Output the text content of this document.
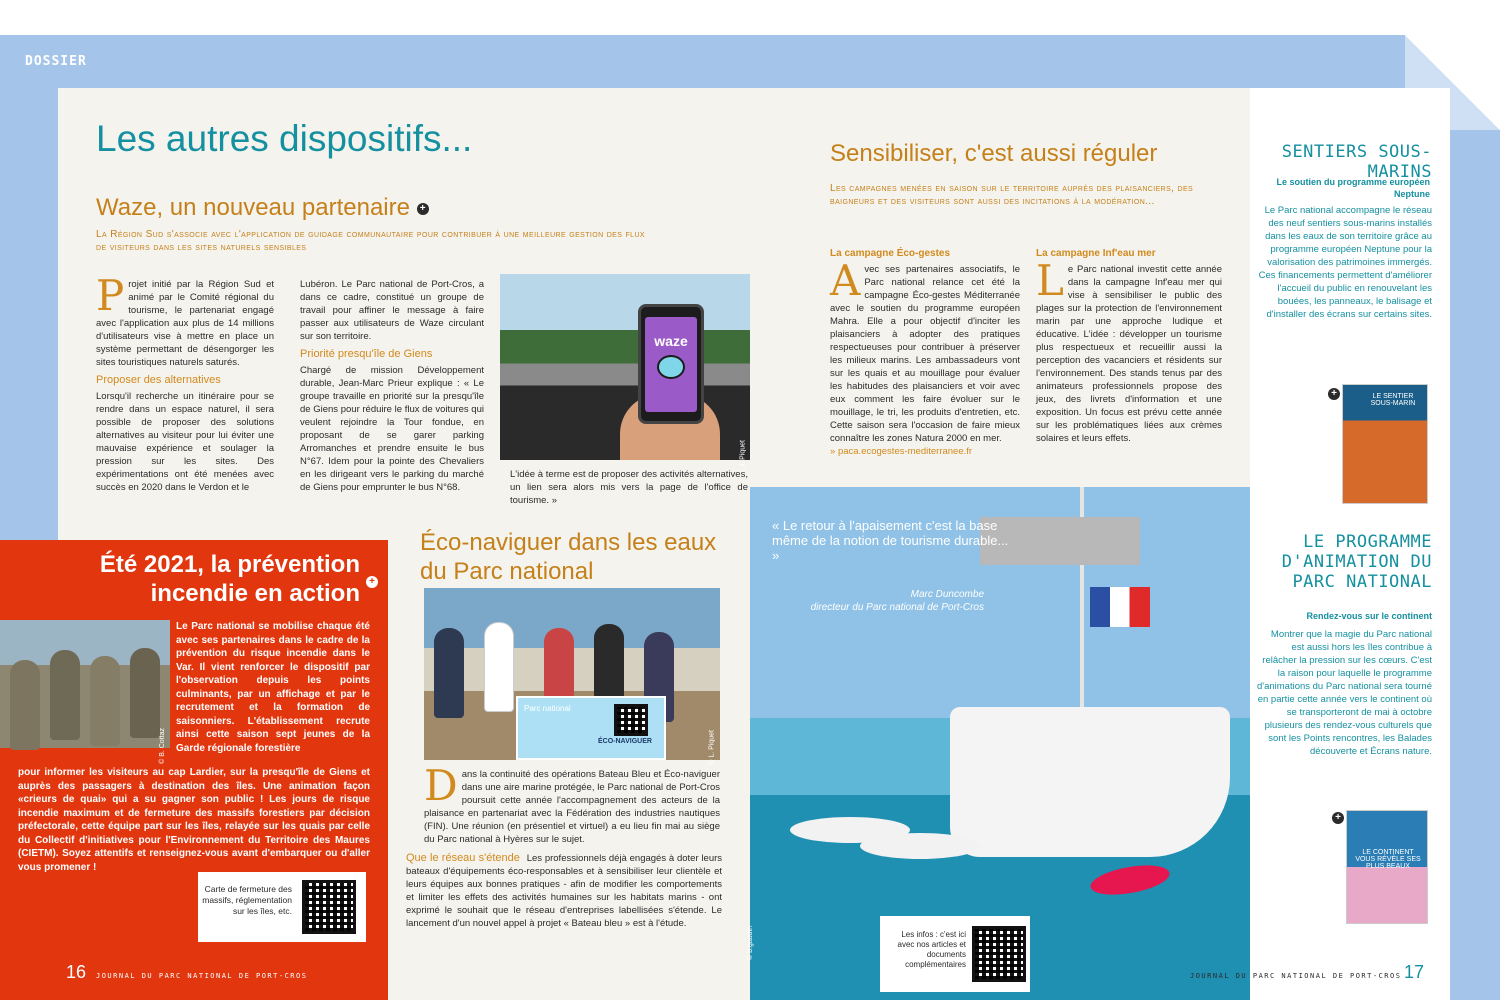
DOSSIER
Les autres dispositifs...
Waze, un nouveau partenaire +
La Région Sud s'associe avec l'application de guidage communautaire pour contribuer à une meilleure gestion des flux de visiteurs dans les sites naturels sensibles
P rojet initié par la Région Sud et animé par le Comité régional du tourisme, le partenariat engagé avec l'application aux plus de 14 millions d'utilisateurs vise à mettre en place un système permettant de désengorger les sites touristiques naturels saturés.
Proposer des alternatives
Lorsqu'il recherche un itinéraire pour se rendre dans un espace naturel, il sera possible de proposer des solutions alternatives au visiteur pour lui éviter une mauvaise expérience et soulager la pression sur les sites. Des expérimentations ont été menées avec succès en 2020 dans le Verdon et le
Lubéron. Le Parc national de Port-Cros, a dans ce cadre, constitué un groupe de travail pour affiner le message à faire passer aux utilisateurs de Waze circulant sur son territoire.
Priorité presqu'île de Giens
Chargé de mission Développement durable, Jean-Marc Prieur explique : « Le groupe travaille en priorité sur la presqu'île de Giens pour réduire le flux de voitures qui veulent rejoindre la Tour fondue, en proposant de se garer parking Arromanches et prendre ensuite le bus N°67. Idem pour la pointe des Chevaliers en les dirigeant vers le parking du marché de Giens pour emprunter le bus N°68.
waze
© J. Piquet
L'idée à terme est de proposer des activités alternatives, un lien sera alors mis vers la page de l'office de tourisme. »
Éco-naviguer dans les eaux du Parc national
Parc national
ÉCO-NAVIGUER	© L. Piquet
D ans la continuité des opérations Bateau Bleu et Éco-naviguer dans une aire marine protégée, le Parc national de Port-Cros poursuit cette année l'accompagnement des acteurs de la plaisance en partenariat avec la Fédération des industries nautiques (FIN). Une réunion (en présentiel et virtuel) a eu lieu fin mai au siège du Parc national à Hyères sur le sujet.
Que le réseau s'étende Les professionnels déjà engagés à doter leurs bateaux d'équipements éco-responsables et à sensibiliser leur clientèle et leurs équipes aux bonnes pratiques - afin de modifier les comportements et limiter les effets des activités humaines sur les habitats marins - ont exprimé le souhait que le réseau d'entreprises labellisées s'étende. Le lancement d'un nouvel appel à projet « Bateau bleu » est à l'étude.
Été 2021, la prévention incendie en action +
© B. Cottaz
Le Parc national se mobilise chaque été avec ses partenaires dans le cadre de la prévention du risque incendie dans le Var. Il vient renforcer le dispositif par l'observation depuis les points culminants, par un affichage et par le recrutement et la formation de saisonniers. L'établissement recrute ainsi cette saison sept jeunes de la Garde régionale forestière
pour informer les visiteurs au cap Lardier, sur la presqu'île de Giens et auprès des passagers à destination des îles. Une animation façon «crieurs de quai» qui a su gagner son public ! Les jours de risque incendie maximum et de fermeture des massifs forestiers par décision préfectorale, cette équipe part sur les îles, relayée sur les quais par celle du Collectif d'initiatives pour l'Environnement du Territoire des Maures (CIETM). Soyez attentifs et renseignez-vous avant d'embarquer ou d'aller vous promener !
Carte de fermeture des massifs, réglementation sur les îles, etc.
16 JOURNAL DU PARC NATIONAL DE PORT-CROS
Sensibiliser, c'est aussi réguler
Les campagnes menées en saison sur le territoire auprès des plaisanciers, des baigneurs et des visiteurs sont aussi des incitations à la modération...
La campagne Éco-gestes
A vec ses partenaires associatifs, le Parc national relance cet été la campagne Éco-gestes Méditerranée avec le soutien du programme européen Mahra. Elle a pour objectif d'inciter les plaisanciers à adopter des pratiques respectueuses pour contribuer à préserver les milieux marins. Les ambassadeurs vont sur les quais et au mouillage pour évaluer les habitudes des plaisanciers et voir avec eux comment les faire évoluer sur le mouillage, le tri, les produits d'entretien, etc. Cette saison sera l'occasion de faire mieux connaître les zones Natura 2000 en mer.
» paca.ecogestes-mediterranee.fr
La campagne Inf'eau mer
L e Parc national investit cette année dans la campagne Inf'eau mer qui vise à sensibiliser le public des plages sur la protection de l'environnement marin par une approche ludique et éducative. L'idée : développer un tourisme plus respectueux et recueillir aussi la perception des vacanciers et résidents sur l'environnement. Des stands tenus par des animateurs professionnels propose des jeux, des livrets d'information et une exposition. Un focus est prévu cette année sur les problématiques liées aux crèmes solaires et leurs effets.
© b.gaudin
« Le retour à l'apaisement c'est la base même de la notion de tourisme durable... »
Marc Duncombe
directeur du Parc national de Port-Cros
Les infos : c'est ici avec nos articles et documents complémentaires
SENTIERS SOUS-MARINS
Le soutien du programme européen Neptune
Le Parc national accompagne le réseau des neuf sentiers sous-marins installés dans les eaux de son territoire grâce au programme européen Neptune pour la valorisation des patrimoines immergés. Ces financements permettent d'améliorer l'accueil du public en renouvelant les bouées, les panneaux, le balisage et d'installer des écrans sur certains sites.
+	LE SENTIER SOUS-MARIN
LE PROGRAMME D'ANIMATION DU PARC NATIONAL
Rendez-vous sur le continent
Montrer que la magie du Parc national est aussi hors les îles contribue à relâcher la pression sur les cœurs. C'est la raison pour laquelle le programme d'animations du Parc national sera tourné en partie cette année vers le continent où se transporteront de mai à octobre plusieurs des rendez-vous culturels que sont les Points rencontres, les Balades découverte et Écrans nature.
+
LE CONTINENT VOUS RÉVÈLE SES PLUS BEAUX
JOURNAL DU PARC NATIONAL DE PORT-CROS 17
